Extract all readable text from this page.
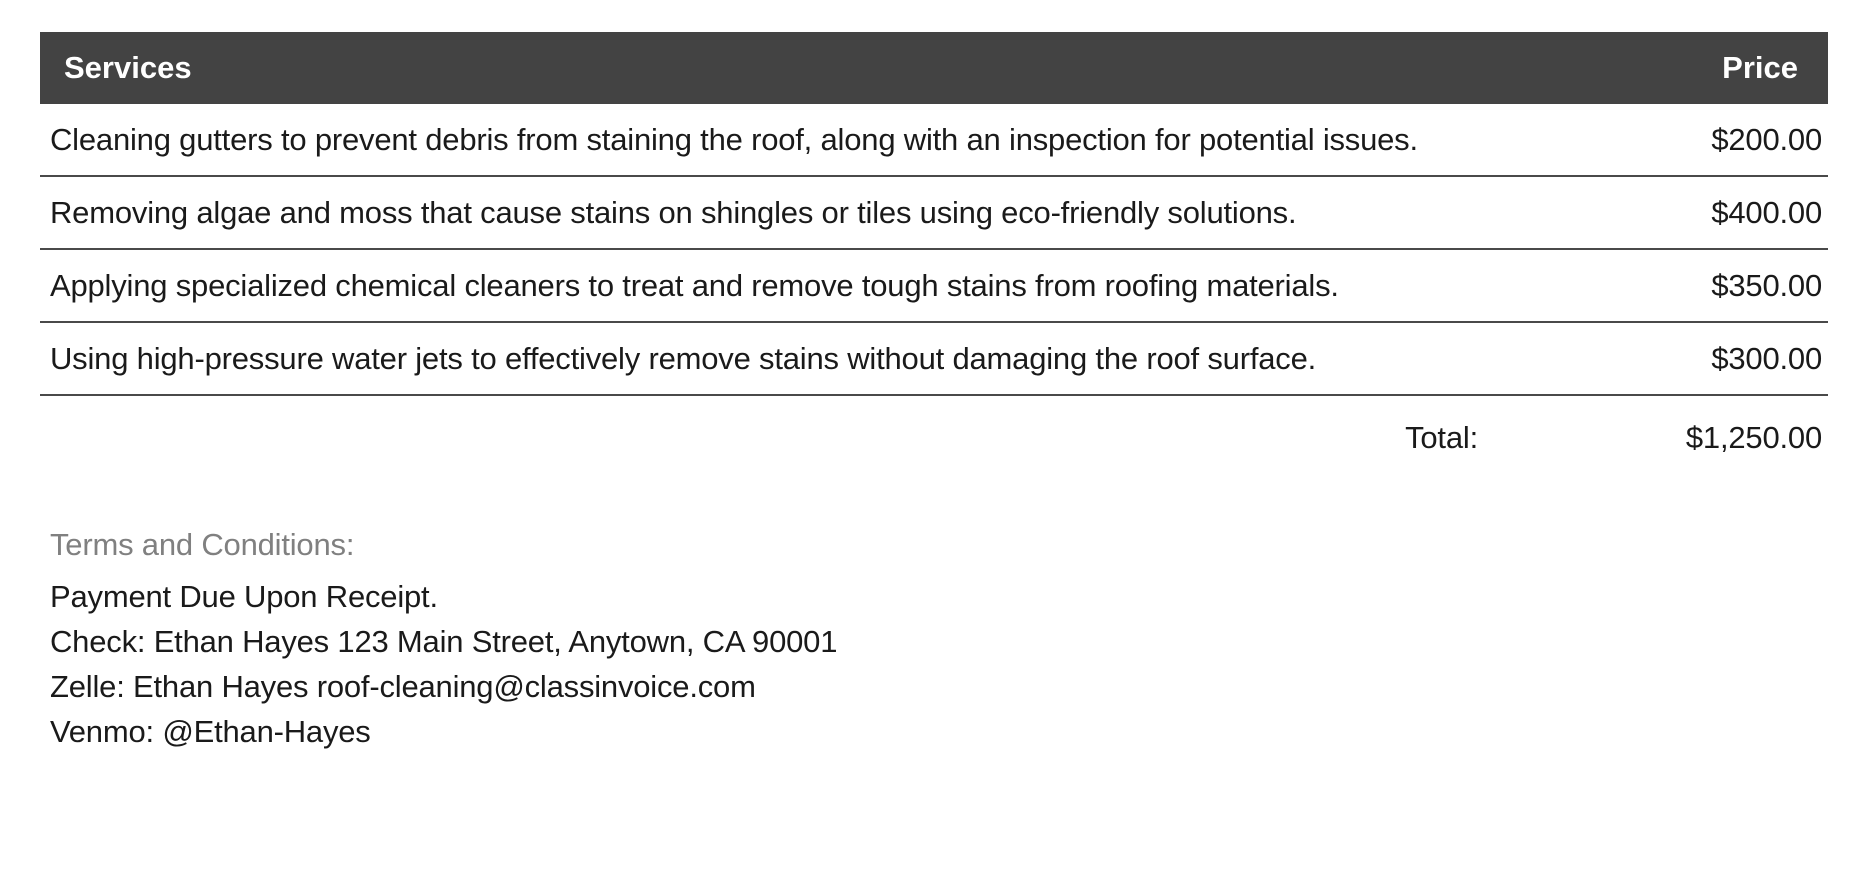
Services	Price
Cleaning gutters to prevent debris from staining the roof, along with an inspection for potential issues.	$200.00
Removing algae and moss that cause stains on shingles or tiles using eco-friendly solutions.	$400.00
Applying specialized chemical cleaners to treat and remove tough stains from roofing materials.	$350.00
Using high-pressure water jets to effectively remove stains without damaging the roof surface.	$300.00
Total:	$1,250.00
Terms and Conditions:
Payment Due Upon Receipt.
Check: Ethan Hayes 123 Main Street, Anytown, CA 90001
Zelle: Ethan Hayes roof-cleaning@classinvoice.com
Venmo: @Ethan-Hayes
